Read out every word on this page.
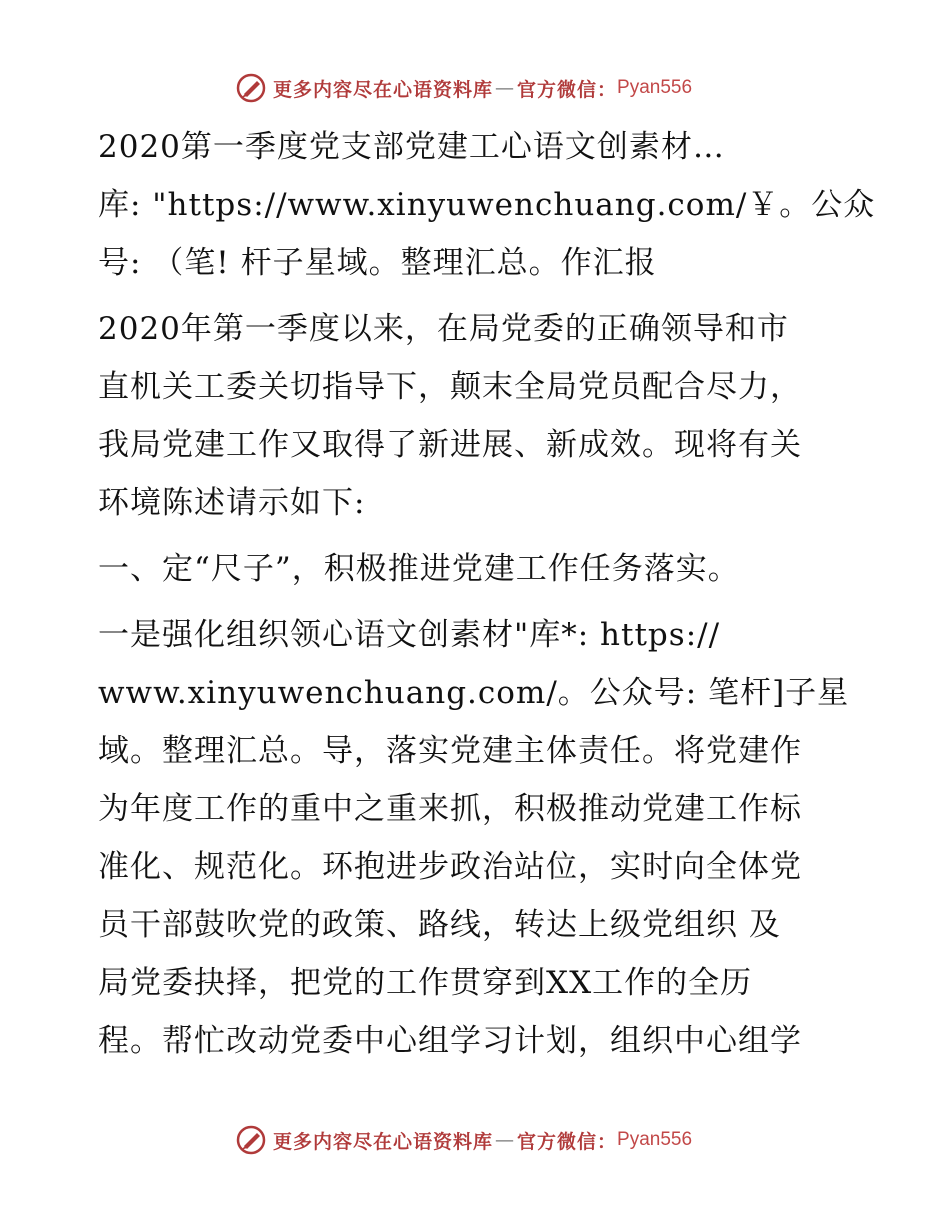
更多内容尽在心语资料库 — 官方微信： Pyan556
2020第一季度党支部党建工心语文创素材…
库: "https://www.xinyuwenchuang.com/￥。公众
号: （笔! 杆子星域。整理汇总。作汇报
2020年第一季度以来，在局党委的正确领导和市
直机关工委关切指导下，颠末全局党员配合尽力，
我局党建工作又取得了新进展、新成效。现将有关
环境陈述请示如下:
一、定“尺子”，积极推进党建工作任务落实。
一是强化组织领心语文创素材"库*: https://
www.xinyuwenchuang.com/。公众号: 笔杆]子星
域。整理汇总。导，落实党建主体责任。将党建作
为年度工作的重中之重来抓，积极推动党建工作标
准化、规范化。环抱进步政治站位，实时向全体党
员干部鼓吹党的政策、路线，转达上级党组织 及
局党委抉择，把党的工作贯穿到XX工作的全历
程。帮忙改动党委中心组学习计划，组织中心组学
更多内容尽在心语资料库 — 官方微信： Pyan556
